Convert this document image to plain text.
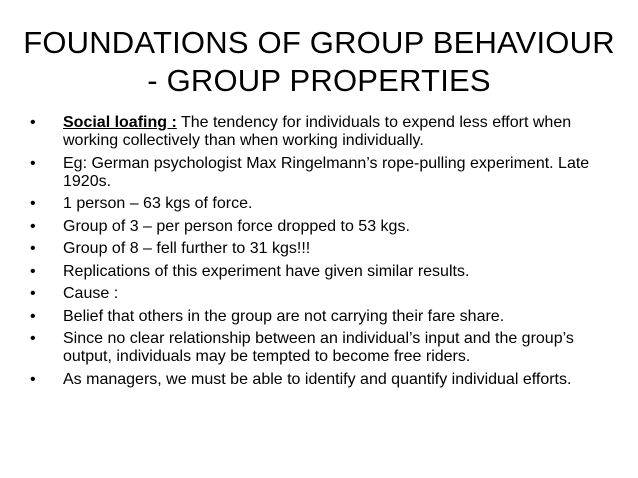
FOUNDATIONS OF GROUP BEHAVIOUR
- GROUP PROPERTIES
• Social loafing : The tendency for individuals to expend less effort when working collectively than when working individually.
• Eg: German psychologist Max Ringelmann’s rope-pulling experiment. Late 1920s.
• 1 person – 63 kgs of force.
• Group of 3 – per person force dropped to 53 kgs.
• Group of 8 – fell further to 31 kgs!!!
• Replications of this experiment have given similar results.
• Cause :
• Belief that others in the group are not carrying their fare share.
• Since no clear relationship between an individual’s input and the group’s output, individuals may be tempted to become free riders.
• As managers, we must be able to identify and quantify individual efforts.
